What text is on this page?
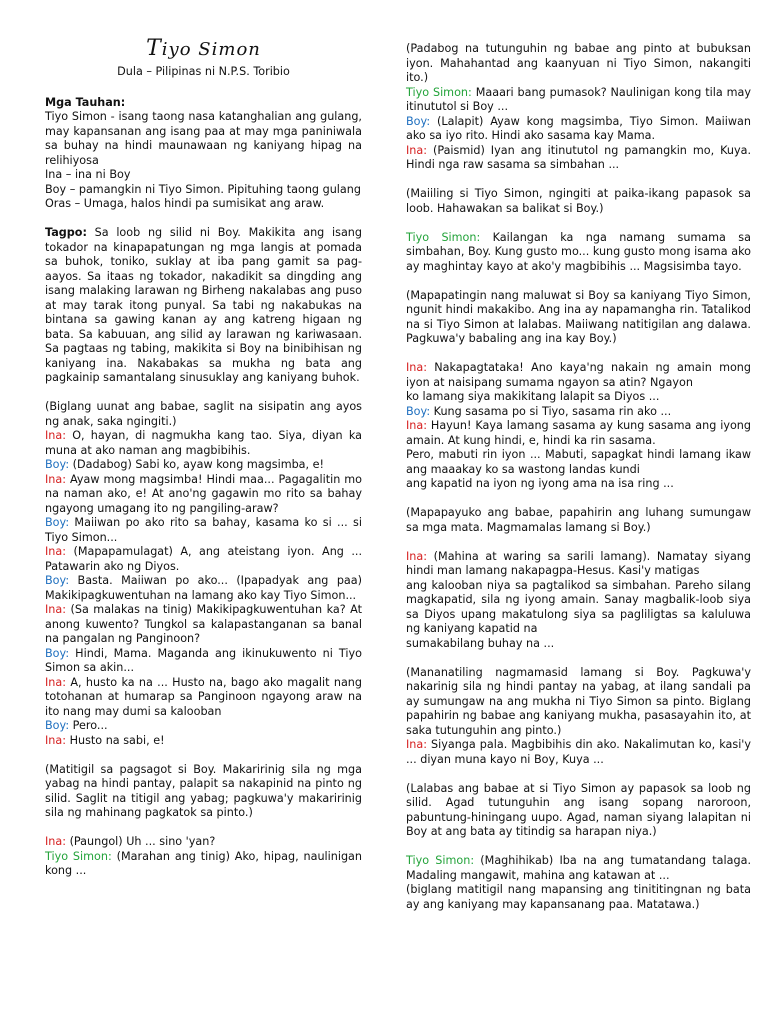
Tiyo Simon
Dula – Pilipinas ni N.P.S. Toribio

Mga Tauhan:

Tiyo Simon - isang taong nasa katanghalian ang gulang, may kapansanan ang isang paa at may mga paniniwala sa buhay na hindi maunawaan ng kaniyang hipag na relihiyosa

Ina – ina ni Boy

Boy – pamangkin ni Tiyo Simon. Pipituhing taong gulang

Oras – Umaga, halos hindi pa sumisikat ang araw.

Tagpo: Sa loob ng silid ni Boy. Makikita ang isang tokador na kinapapatungan ng mga langis at pomada sa buhok, toniko, suklay at iba pang gamit sa pag-aayos. Sa itaas ng tokador, nakadikit sa dingding ang isang malaking larawan ng Birheng nakalabas ang puso at may tarak itong punyal. Sa tabi ng nakabukas na bintana sa gawing kanan ay ang katreng higaan ng bata. Sa kabuuan, ang silid ay larawan ng kariwasaan. Sa pagtaas ng tabing, makikita si Boy na binibihisan ng kaniyang ina. Nakabakas sa mukha ng bata ang pagkainip samantalang sinusuklay ang kaniyang buhok.

(Biglang uunat ang babae, saglit na sisipatin ang ayos ng anak, saka ngingiti.)

Ina: O, hayan, di nagmukha kang tao. Siya, diyan ka muna at ako naman ang magbibihis.

Boy: (Dadabog) Sabi ko, ayaw kong magsimba, e!

Ina: Ayaw mong magsimba! Hindi maa... Pagagalitin mo na naman ako, e! At ano'ng gagawin mo rito sa bahay ngayong umagang ito ng pangiling-araw?

Boy: Maiiwan po ako rito sa bahay, kasama ko si ... si Tiyo Simon...

Ina: (Mapapamulagat) A, ang ateistang iyon. Ang ... Patawarin ako ng Diyos.

Boy: Basta. Maiiwan po ako... (Ipapadyak ang paa) Makikipagkuwentuhan na lamang ako kay Tiyo Simon...

Ina: (Sa malakas na tinig) Makikipagkuwentuhan ka? At anong kuwento? Tungkol sa kalapastanganan sa banal na pangalan ng Panginoon?

Boy: Hindi, Mama. Maganda ang ikinukuwento ni Tiyo Simon sa akin...

Ina: A, husto ka na ... Husto na, bago ako magalit nang totohanan at humarap sa Panginoon ngayong araw na ito nang may dumi sa kalooban

Boy: Pero...

Ina: Husto na sabi, e!

(Matitigil sa pagsagot si Boy. Makaririnig sila ng mga yabag na hindi pantay, palapit sa nakapinid na pinto ng silid. Saglit na titigil ang yabag; pagkuwa'y makaririnig sila ng mahinang pagkatok sa pinto.)

Ina: (Paungol) Uh ... sino 'yan?

Tiyo Simon: (Marahan ang tinig) Ako, hipag, naulinigan kong ...

(Padabog na tutunguhin ng babae ang pinto at bubuksan iyon. Mahahantad ang kaanyuan ni Tiyo Simon, nakangiti ito.)

Tiyo Simon: Maaari bang pumasok? Naulinigan kong tila may itinututol si Boy ...

Boy: (Lalapit) Ayaw kong magsimba, Tiyo Simon. Maiiwan ako sa iyo rito. Hindi ako sasama kay Mama.

Ina: (Paismid) Iyan ang itinututol ng pamangkin mo, Kuya. Hindi nga raw sasama sa simbahan ...

(Maiiling si Tiyo Simon, ngingiti at paika-ikang papasok sa loob. Hahawakan sa balikat si Boy.)

Tiyo Simon: Kailangan ka nga namang sumama sa simbahan, Boy. Kung gusto mo... kung gusto mong isama ako ay maghintay kayo at ako'y magbibihis ... Magsisimba tayo.

(Mapapatingin nang maluwat si Boy sa kaniyang Tiyo Simon, ngunit hindi makakibo. Ang ina ay napamangha rin. Tatalikod na si Tiyo Simon at lalabas. Maiiwang natitigilan ang dalawa. Pagkuwa'y babaling ang ina kay Boy.)

Ina: Nakapagtataka! Ano kaya'ng nakain ng amain mong iyon at naisipang sumama ngayon sa atin? Ngayon

ko lamang siya makikitang lalapit sa Diyos ...

Boy: Kung sasama po si Tiyo, sasama rin ako ...

Ina: Hayun! Kaya lamang sasama ay kung sasama ang iyong amain. At kung hindi, e, hindi ka rin sasama.

Pero, mabuti rin iyon ... Mabuti, sapagkat hindi lamang ikaw ang maaakay ko sa wastong landas kundi

ang kapatid na iyon ng iyong ama na isa ring ...

(Mapapayuko ang babae, papahirin ang luhang sumungaw sa mga mata. Magmamalas lamang si Boy.)

Ina: (Mahina at waring sa sarili lamang). Namatay siyang hindi man lamang nakapagpa-Hesus. Kasi'y matigas

ang kalooban niya sa pagtalikod sa simbahan. Pareho silang magkapatid, sila ng iyong amain. Sanay magbalik-loob siya sa Diyos upang makatulong siya sa pagliligtas sa kaluluwa ng kaniyang kapatid na

sumakabilang buhay na ...

(Mananatiling nagmamasid lamang si Boy. Pagkuwa'y nakarinig sila ng hindi pantay na yabag, at ilang sandali pa ay sumungaw na ang mukha ni Tiyo Simon sa pinto. Biglang papahirin ng babae ang kaniyang mukha, pasasayahin ito, at saka tutunguhin ang pinto.)

Ina: Siyanga pala. Magbibihis din ako. Nakalimutan ko, kasi'y ... diyan muna kayo ni Boy, Kuya ...

(Lalabas ang babae at si Tiyo Simon ay papasok sa loob ng silid. Agad tutunguhin ang isang sopang naroroon, pabuntung-hiningang uupo. Agad, naman siyang lalapitan ni Boy at ang bata ay titindig sa harapan niya.)

Tiyo Simon: (Maghihikab) Iba na ang tumatandang talaga. Madaling mangawit, mahina ang katawan at ...

(biglang matitigil nang mapansing ang tinititingnan ng bata ay ang kaniyang may kapansanang paa. Matatawa.)
